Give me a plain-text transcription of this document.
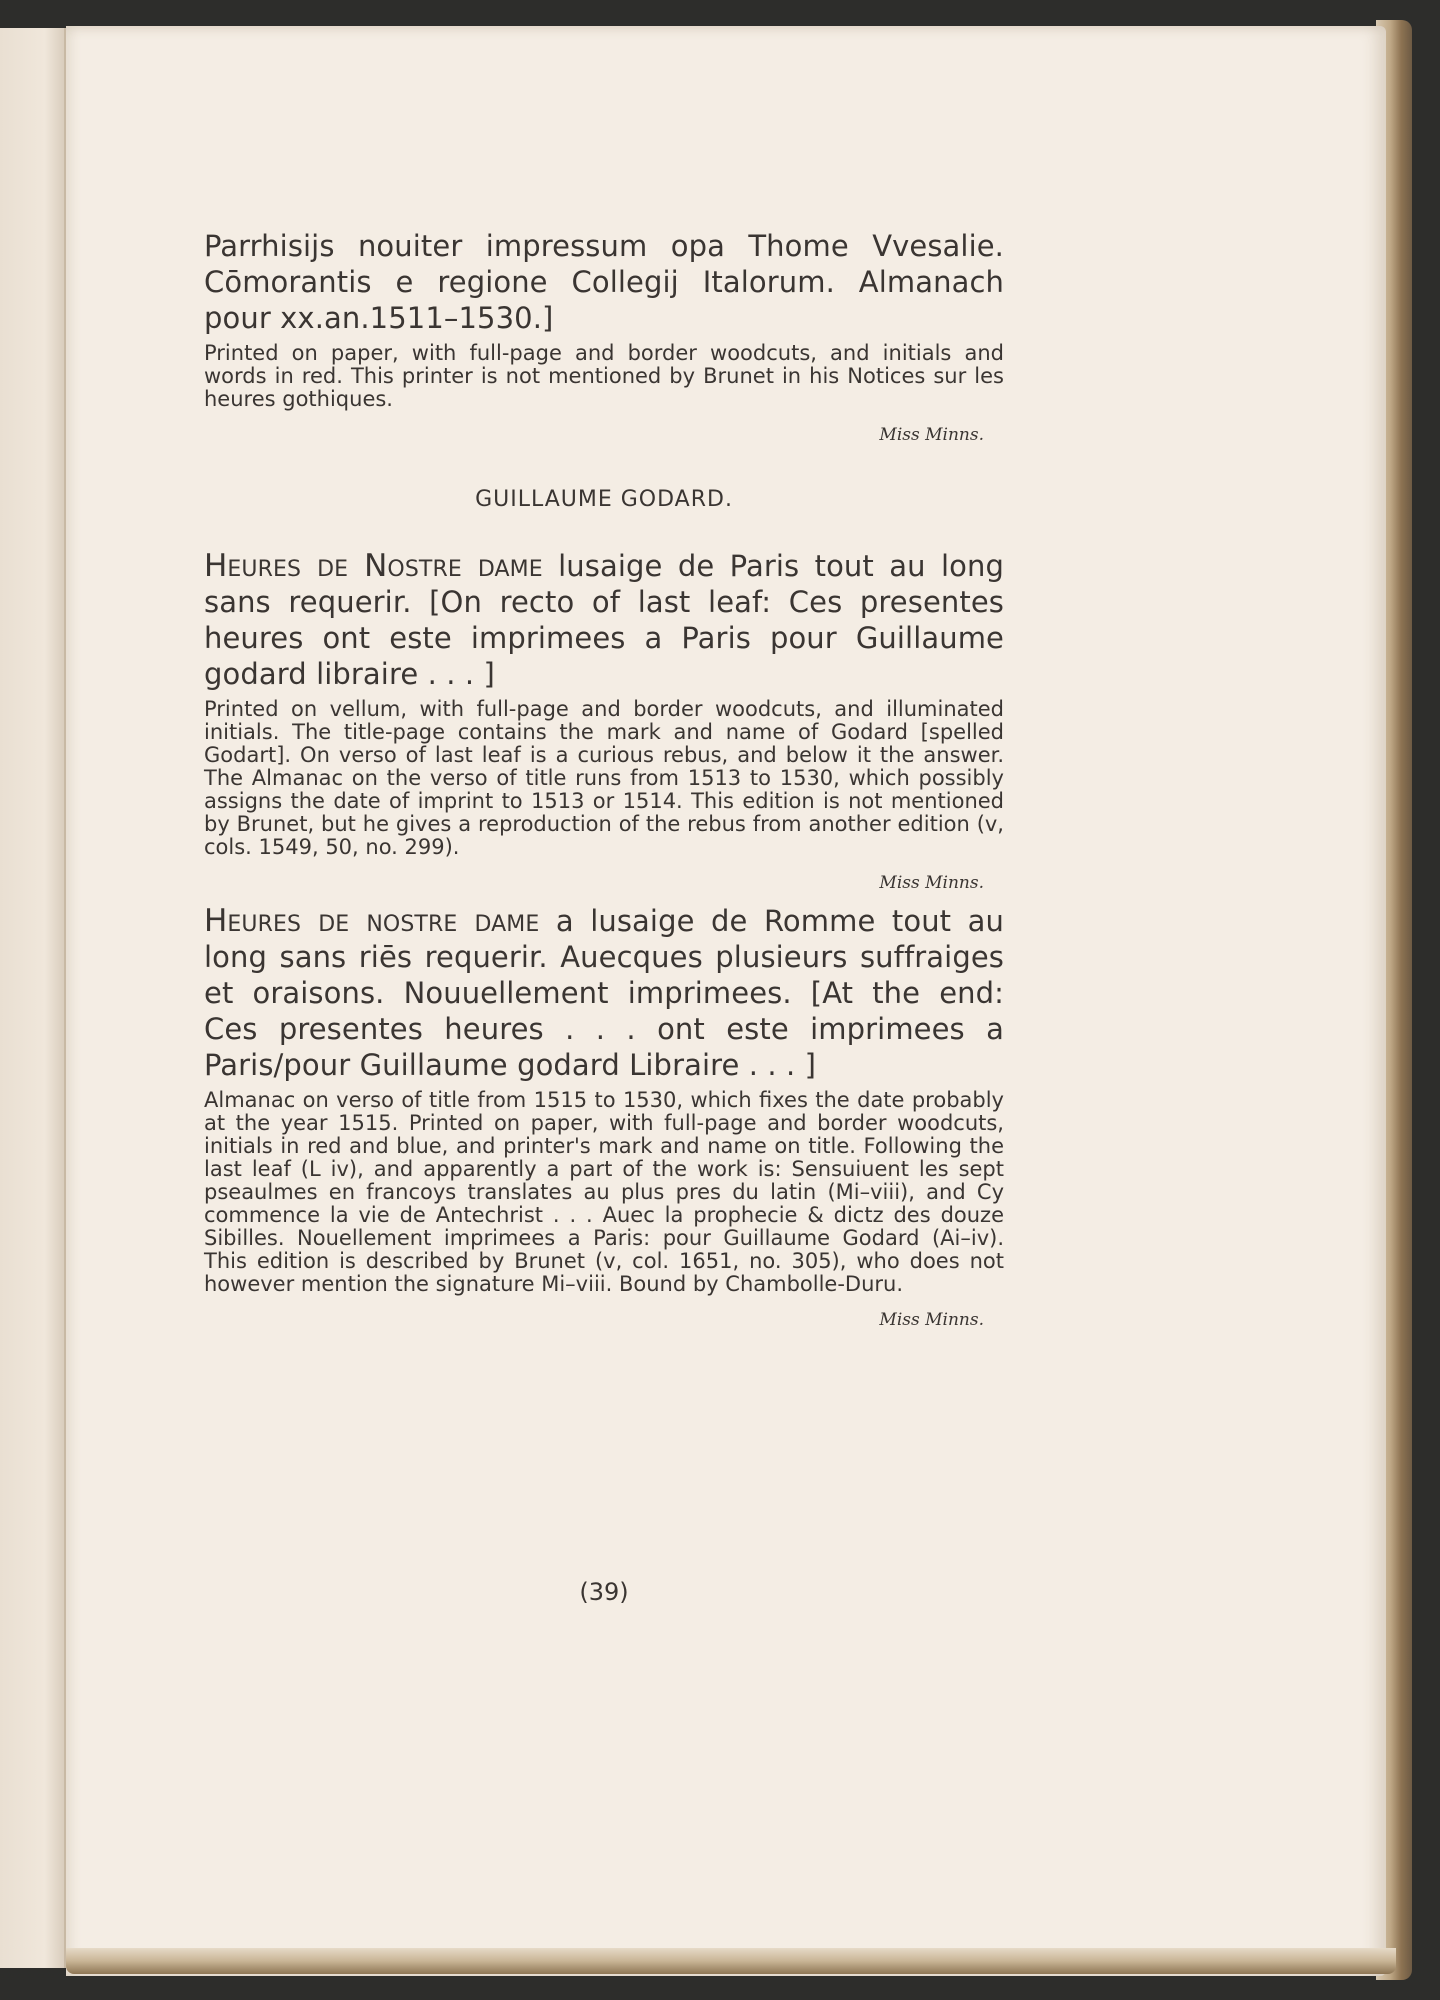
Parrhisijs nouiter impressum opa Thome Vvesalie. Cōmorantis e regione Collegij Italorum. Almanach pour xx.an.1511–1530.]

Printed on paper, with full-page and border woodcuts, and initials and words in red. This printer is not mentioned by Brunet in his Notices sur les heures gothiques.

Miss Minns.

GUILLAUME GODARD.

Heures de Nostre dame lusaige de Paris tout au long sans requerir. [On recto of last leaf: Ces presentes heures ont este imprimees a Paris pour Guillaume godard libraire . . . ]

Printed on vellum, with full-page and border woodcuts, and illuminated initials. The title-page contains the mark and name of Godard [spelled Godart]. On verso of last leaf is a curious rebus, and below it the answer. The Almanac on the verso of title runs from 1513 to 1530, which possibly assigns the date of imprint to 1513 or 1514. This edition is not mentioned by Brunet, but he gives a reproduction of the rebus from another edition (v, cols. 1549, 50, no. 299).

Miss Minns.

Heures de nostre dame a lusaige de Romme tout au long sans riēs requerir. Auecques plusieurs suffraiges et oraisons. Nouuellement imprimees. [At the end: Ces presentes heures . . . ont este imprimees a Paris/pour Guillaume godard Libraire . . . ]

Almanac on verso of title from 1515 to 1530, which fixes the date probably at the year 1515. Printed on paper, with full-page and border woodcuts, initials in red and blue, and printer's mark and name on title. Following the last leaf (L iv), and apparently a part of the work is: Sensuiuent les sept pseaulmes en francoys translates au plus pres du latin (Mi–viii), and Cy commence la vie de Antechrist . . . Auec la prophecie & dictz des douze Sibilles. Nouellement imprimees a Paris: pour Guillaume Godard (Ai–iv). This edition is described by Brunet (v, col. 1651, no. 305), who does not however mention the signature Mi–viii. Bound by Chambolle-Duru.

Miss Minns.

(39)
